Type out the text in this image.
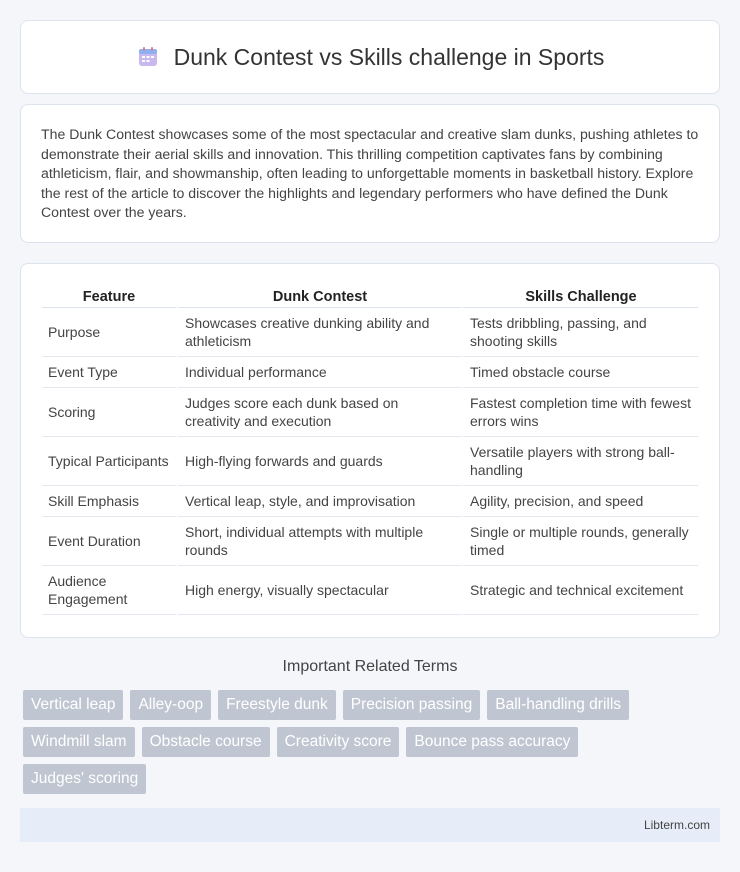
Dunk Contest vs Skills challenge in Sports

The Dunk Contest showcases some of the most spectacular and creative slam dunks, pushing athletes to demonstrate their aerial skills and innovation. This thrilling competition captivates fans by combining athleticism, flair, and showmanship, often leading to unforgettable moments in basketball history. Explore the rest of the article to discover the highlights and legendary performers who have defined the Dunk Contest over the years.

Feature	Dunk Contest	Skills Challenge
Purpose	Showcases creative dunking ability and athleticism	Tests dribbling, passing, and shooting skills
Event Type	Individual performance	Timed obstacle course
Scoring	Judges score each dunk based on creativity and execution	Fastest completion time with fewest errors wins
Typical Participants	High-flying forwards and guards	Versatile players with strong ball-handling
Skill Emphasis	Vertical leap, style, and improvisation	Agility, precision, and speed
Event Duration	Short, individual attempts with multiple rounds	Single or multiple rounds, generally timed
Audience Engagement	High energy, visually spectacular	Strategic and technical excitement
Important Related Terms
Vertical leap	Alley-oop	Freestyle dunk	Precision passing	Ball-handling drills
Windmill slam	Obstacle course	Creativity score	Bounce pass accuracy
Judges' scoring
Libterm.com
